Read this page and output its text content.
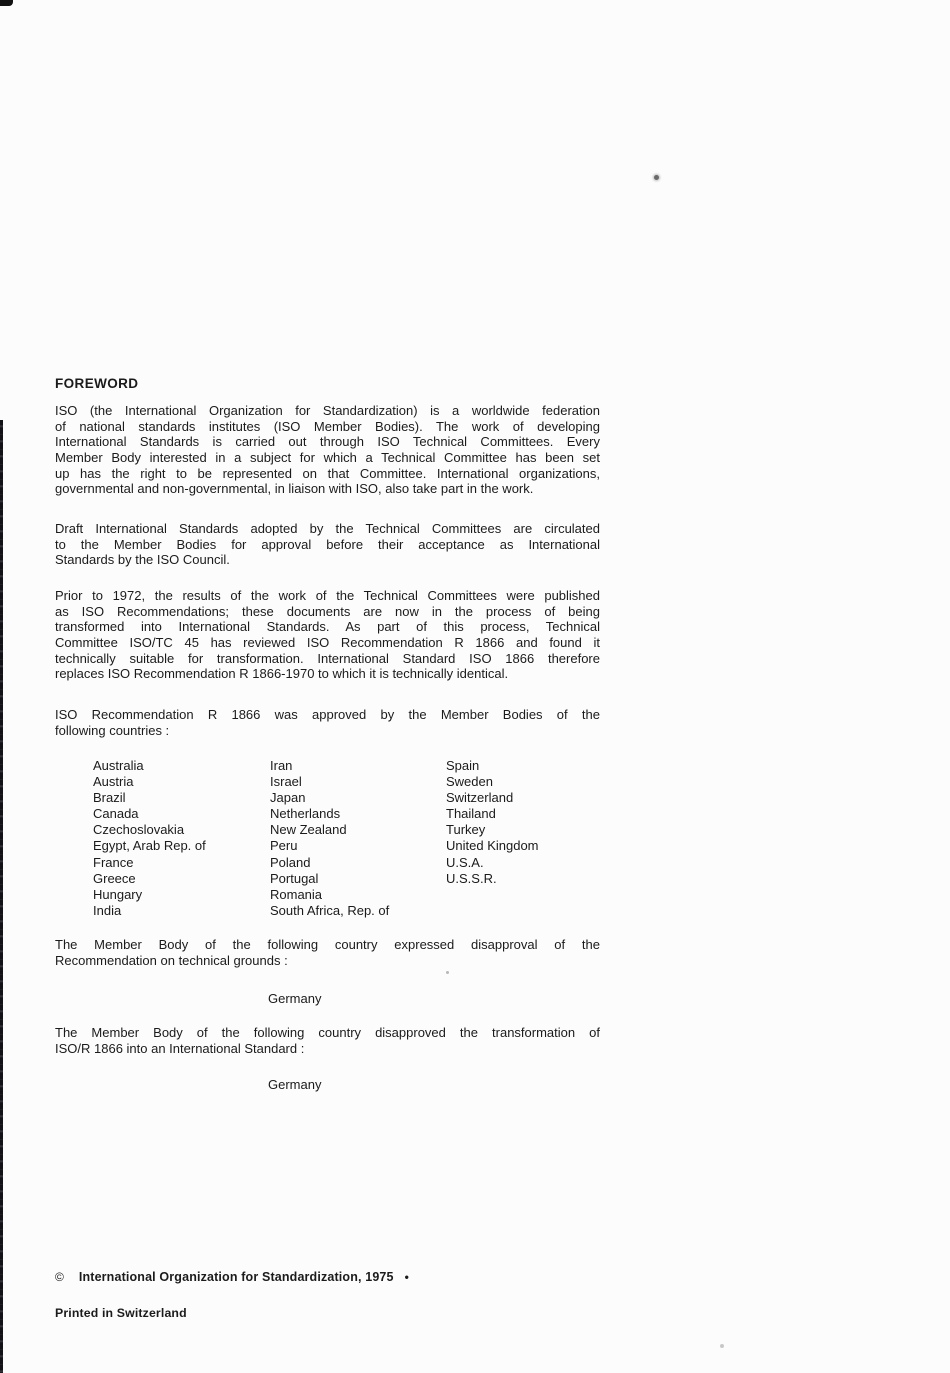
FOREWORD
ISO (the International Organization for Standardization) is a worldwide federation
of national standards institutes (ISO Member Bodies). The work of developing
International Standards is carried out through ISO Technical Committees. Every
Member Body interested in a subject for which a Technical Committee has been set
up has the right to be represented on that Committee. International organizations,
governmental and non-governmental, in liaison with ISO, also take part in the work.
Draft International Standards adopted by the Technical Committees are circulated
to the Member Bodies for approval before their acceptance as International
Standards by the ISO Council.
Prior to 1972, the results of the work of the Technical Committees were published
as ISO Recommendations; these documents are now in the process of being
transformed into International Standards. As part of this process, Technical
Committee ISO/TC 45 has reviewed ISO Recommendation R 1866 and found it
technically suitable for transformation. International Standard ISO 1866 therefore
replaces ISO Recommendation R 1866-1970 to which it is technically identical.
ISO Recommendation R 1866 was approved by the Member Bodies of the
following countries :
Australia
Austria
Brazil
Canada
Czechoslovakia
Egypt, Arab Rep. of
France
Greece
Hungary
India
Iran
Israel
Japan
Netherlands
New Zealand
Peru
Poland
Portugal
Romania
South Africa, Rep. of
Spain
Sweden
Switzerland
Thailand
Turkey
United Kingdom
U.S.A.
U.S.S.R.
The Member Body of the following country expressed disapproval of the
Recommendation on technical grounds :
Germany
The Member Body of the following country disapproved the transformation of
ISO/R 1866 into an International Standard :
Germany
© International Organization for Standardization, 1975 •
Printed in Switzerland
